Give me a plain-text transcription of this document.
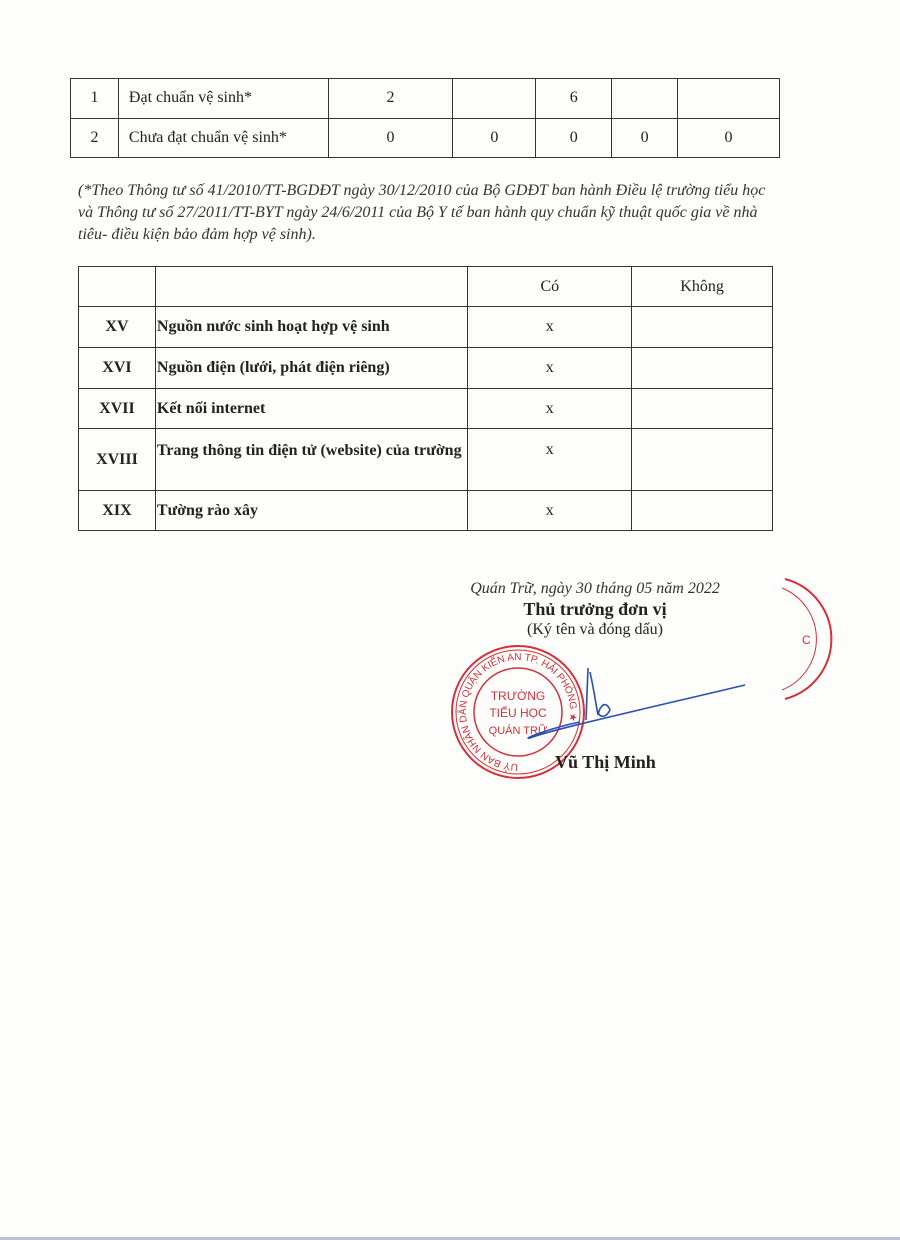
1	Đạt chuẩn vệ sinh*	2		6		
2	Chưa đạt chuẩn vệ sinh*	0	0	0	0	0

(*Theo Thông tư số 41/2010/TT-BGDĐT ngày 30/12/2010 của Bộ GDĐT ban hành Điều lệ trường tiểu học và Thông tư số 27/2011/TT-BYT ngày 24/6/2011 của Bộ Y tế ban hành quy chuẩn kỹ thuật quốc gia về nhà tiêu- điều kiện bảo đảm hợp vệ sinh).

		Có	Không
XV	Nguồn nước sinh hoạt hợp vệ sinh	x	
XVI	Nguồn điện (lưới, phát điện riêng)	x	
XVII	Kết nối internet	x	
XVIII	Trang thông tin điện tử (website) của trường	x	
XIX	Tường rào xây	x	
Quán Trữ, ngày 30 tháng 05 năm 2022
Thủ trưởng đơn vị
(Ký tên và đóng dấu)
UỶ BAN NHÂN DÂN QUẬN KIẾN AN TP. HẢI PHÒNG ★
TRƯỜNG
TIỂU HỌC
QUÁN TRỮ
C
Vũ Thị Minh
